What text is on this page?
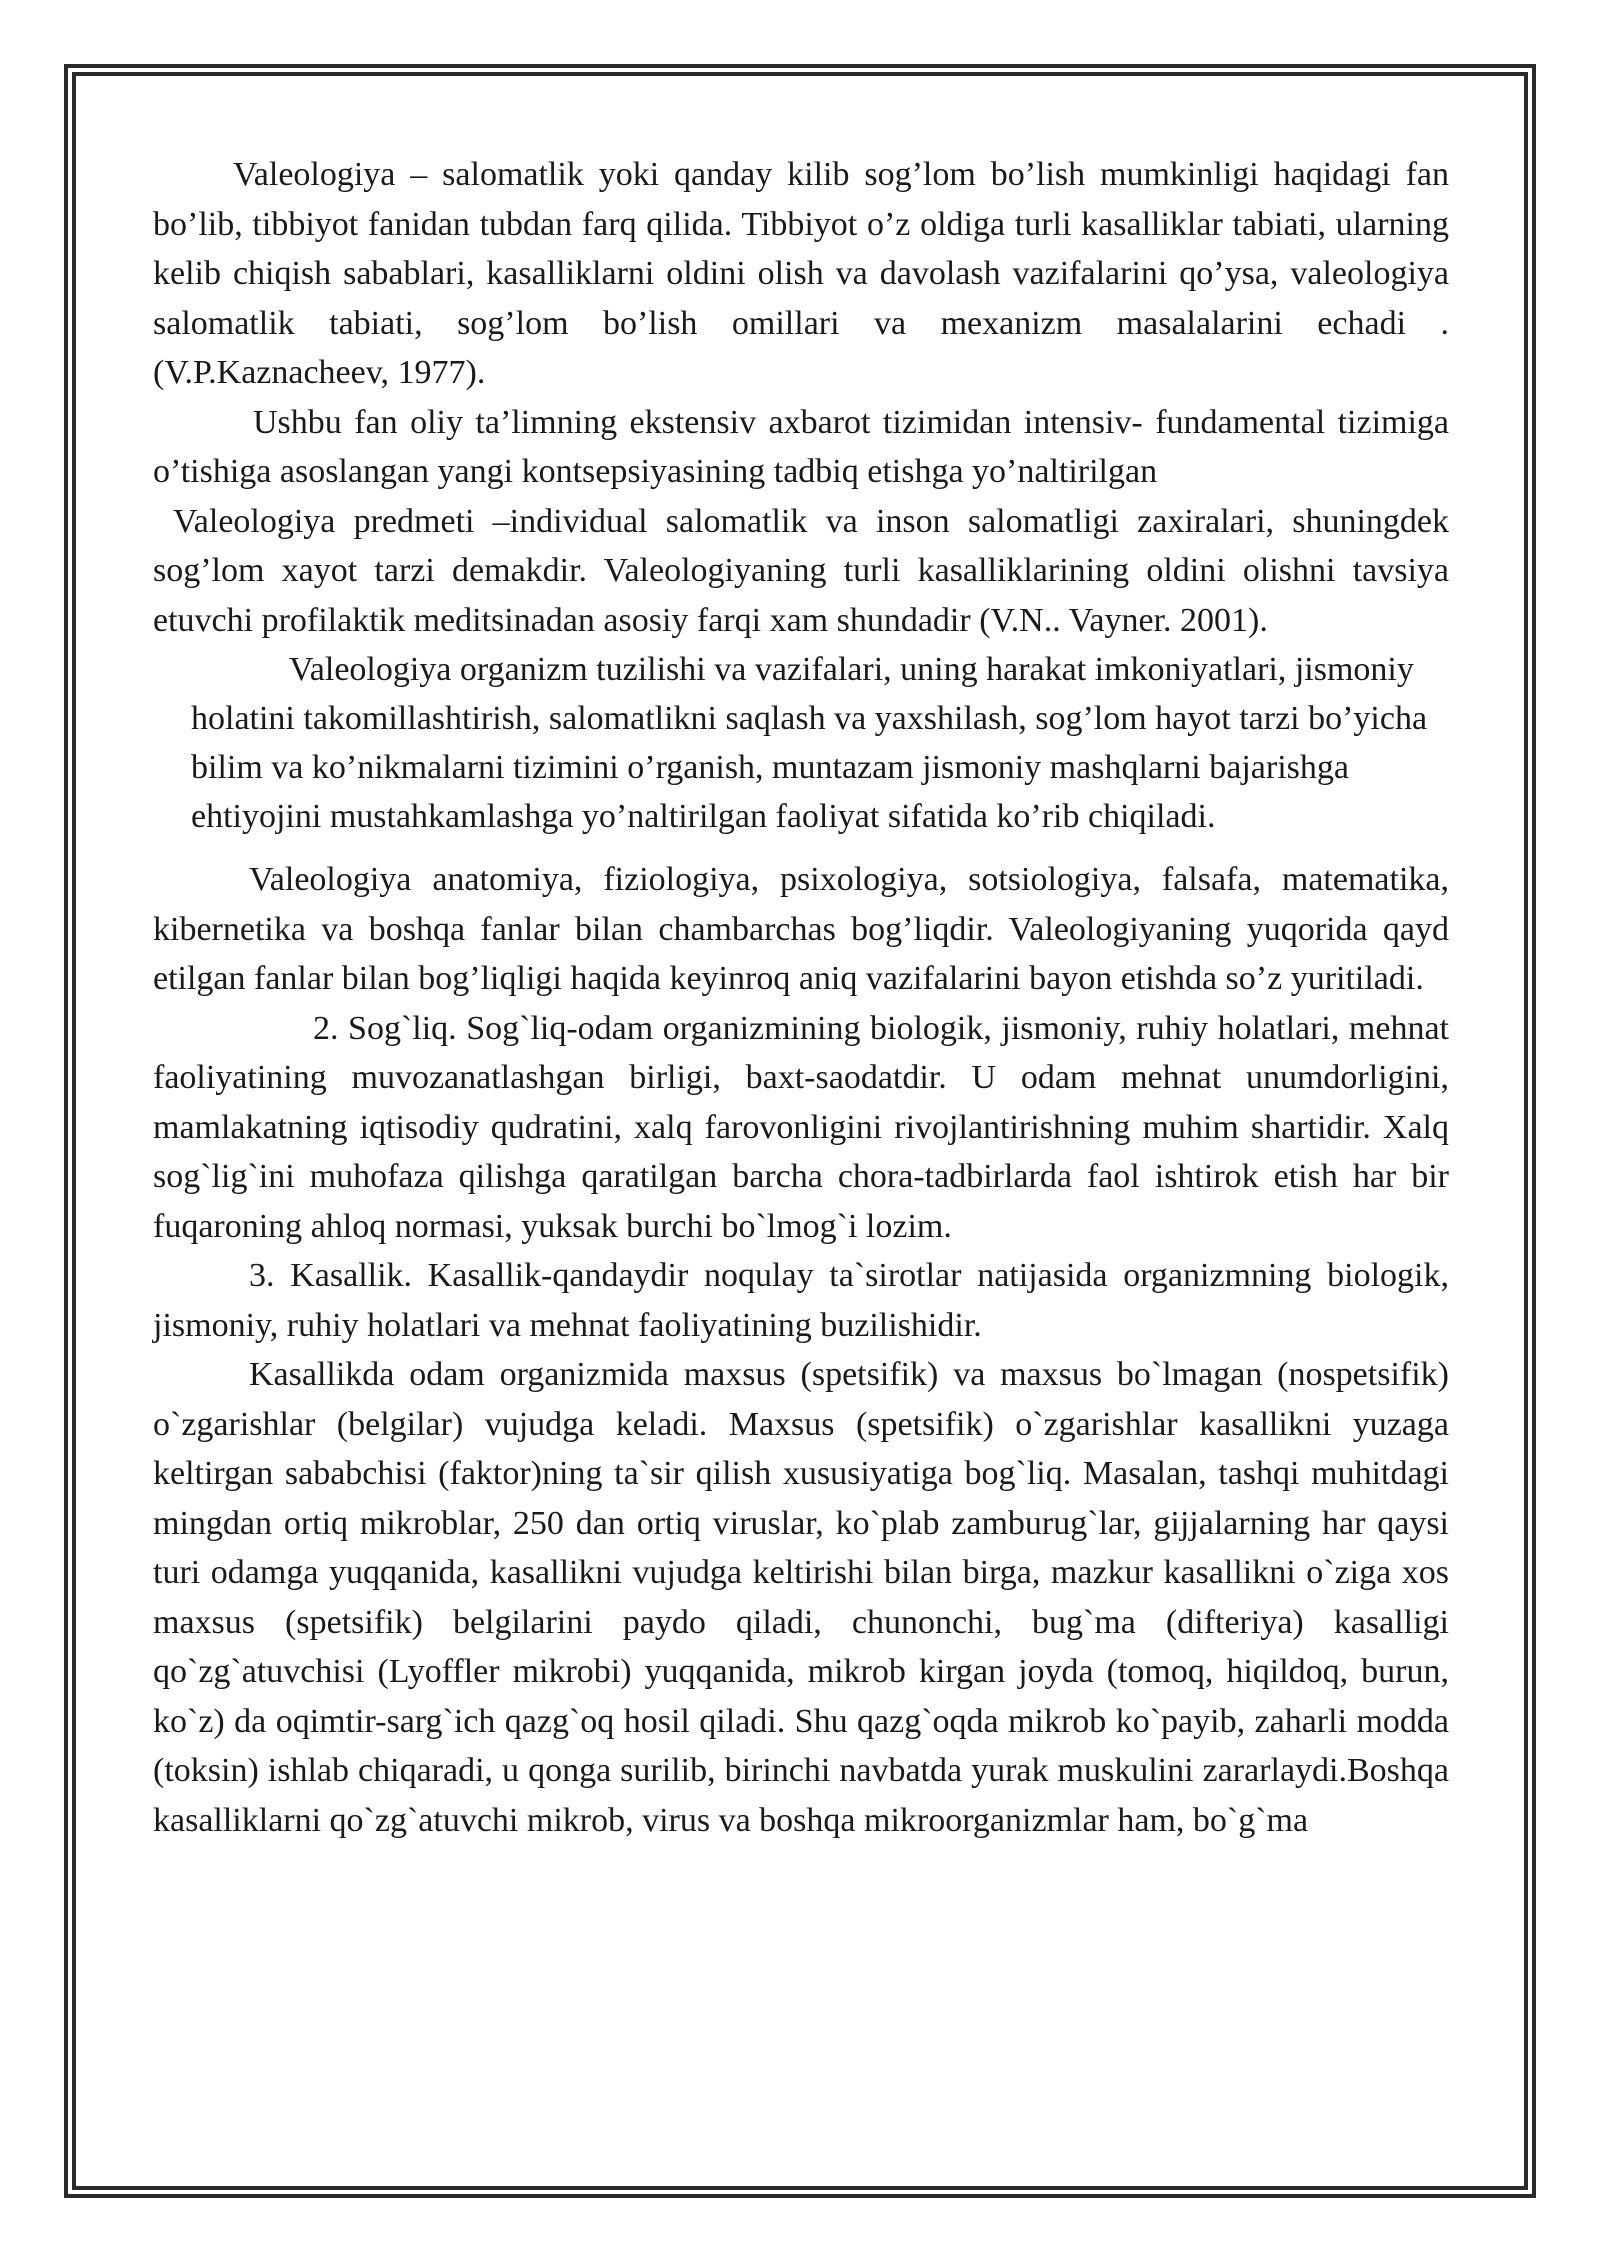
Valeologiya – salomatlik yoki qanday kilib sog’lom bo’lish mumkinligi haqidagi fan bo’lib, tibbiyot fanidan tubdan farq qilida. Tibbiyot o’z oldiga turli kasalliklar tabiati, ularning kelib chiqish sabablari, kasalliklarni oldini olish va davolash vazifalarini qo’ysa, valeologiya salomatlik tabiati, sog’lom bo’lish omillari va mexanizm masalalarini echadi . (V.P.Kaznacheev, 1977).

Ushbu fan oliy ta’limning ekstensiv axbarot tizimidan intensiv- fundamental tizimiga o’tishiga asoslangan yangi kontsepsiyasining tadbiq etishga yo’naltirilgan

Valeologiya predmeti –individual salomatlik va inson salomatligi zaxiralari, shuningdek sog’lom xayot tarzi demakdir. Valeologiyaning turli kasalliklarining oldini olishni tavsiya etuvchi profilaktik meditsinadan asosiy farqi xam shundadir (V.N.. Vayner. 2001).

Valeologiya organizm tuzilishi va vazifalari, uning harakat imkoniyatlari, jismoniy holatini takomillashtirish, salomatlikni saqlash va yaxshilash, sog’lom hayot tarzi bo’yicha bilim va ko’nikmalarni tizimini o’rganish, muntazam jismoniy mashqlarni bajarishga ehtiyojini mustahkamlashga yo’naltirilgan faoliyat sifatida ko’rib chiqiladi.

Valeologiya anatomiya, fiziologiya, psixologiya, sotsiologiya, falsafa, matematika, kibernetika va boshqa fanlar bilan chambarchas bog’liqdir. Valeologiyaning yuqorida qayd etilgan fanlar bilan bog’liqligi haqida keyinroq aniq vazifalarini bayon etishda so’z yuritiladi.

2. Sog`liq. Sog`liq-odam organizmining biologik, jismoniy, ruhiy holatlari, mehnat faoliyatining muvozanatlashgan birligi, baxt-saodatdir. U odam mehnat unumdorligini, mamlakatning iqtisodiy qudratini, xalq farovonligini rivojlantirishning muhim shartidir. Xalq sog`lig`ini muhofaza qilishga qaratilgan barcha chora-tadbirlarda faol ishtirok etish har bir fuqaroning ahloq normasi, yuksak burchi bo`lmog`i lozim.

3. Kasallik. Kasallik-qandaydir noqulay ta`sirotlar natijasida organizmning biologik, jismoniy, ruhiy holatlari va mehnat faoliyatining buzilishidir.

Kasallikda odam organizmida maxsus (spetsifik) va maxsus bo`lmagan (nospetsifik) o`zgarishlar (belgilar) vujudga keladi. Maxsus (spetsifik) o`zgarishlar kasallikni yuzaga keltirgan sababchisi (faktor)ning ta`sir qilish xususiyatiga bog`liq. Masalan, tashqi muhitdagi mingdan ortiq mikroblar, 250 dan ortiq viruslar, ko`plab zamburug`lar, gijjalarning har qaysi turi odamga yuqqanida, kasallikni vujudga keltirishi bilan birga, mazkur kasallikni o`ziga xos maxsus (spetsifik) belgilarini paydo qiladi, chunonchi, bug`ma (difteriya) kasalligi qo`zg`atuvchisi (Lyoffler mikrobi) yuqqanida, mikrob kirgan joyda (tomoq, hiqildoq, burun, ko`z) da oqimtir-sarg`ich qazg`oq hosil qiladi. Shu qazg`oqda mikrob ko`payib, zaharli modda (toksin) ishlab chiqaradi, u qonga surilib, birinchi navbatda yurak muskulini zararlaydi.Boshqa kasalliklarni qo`zg`atuvchi mikrob, virus va boshqa mikroorganizmlar ham, bo`g`ma
